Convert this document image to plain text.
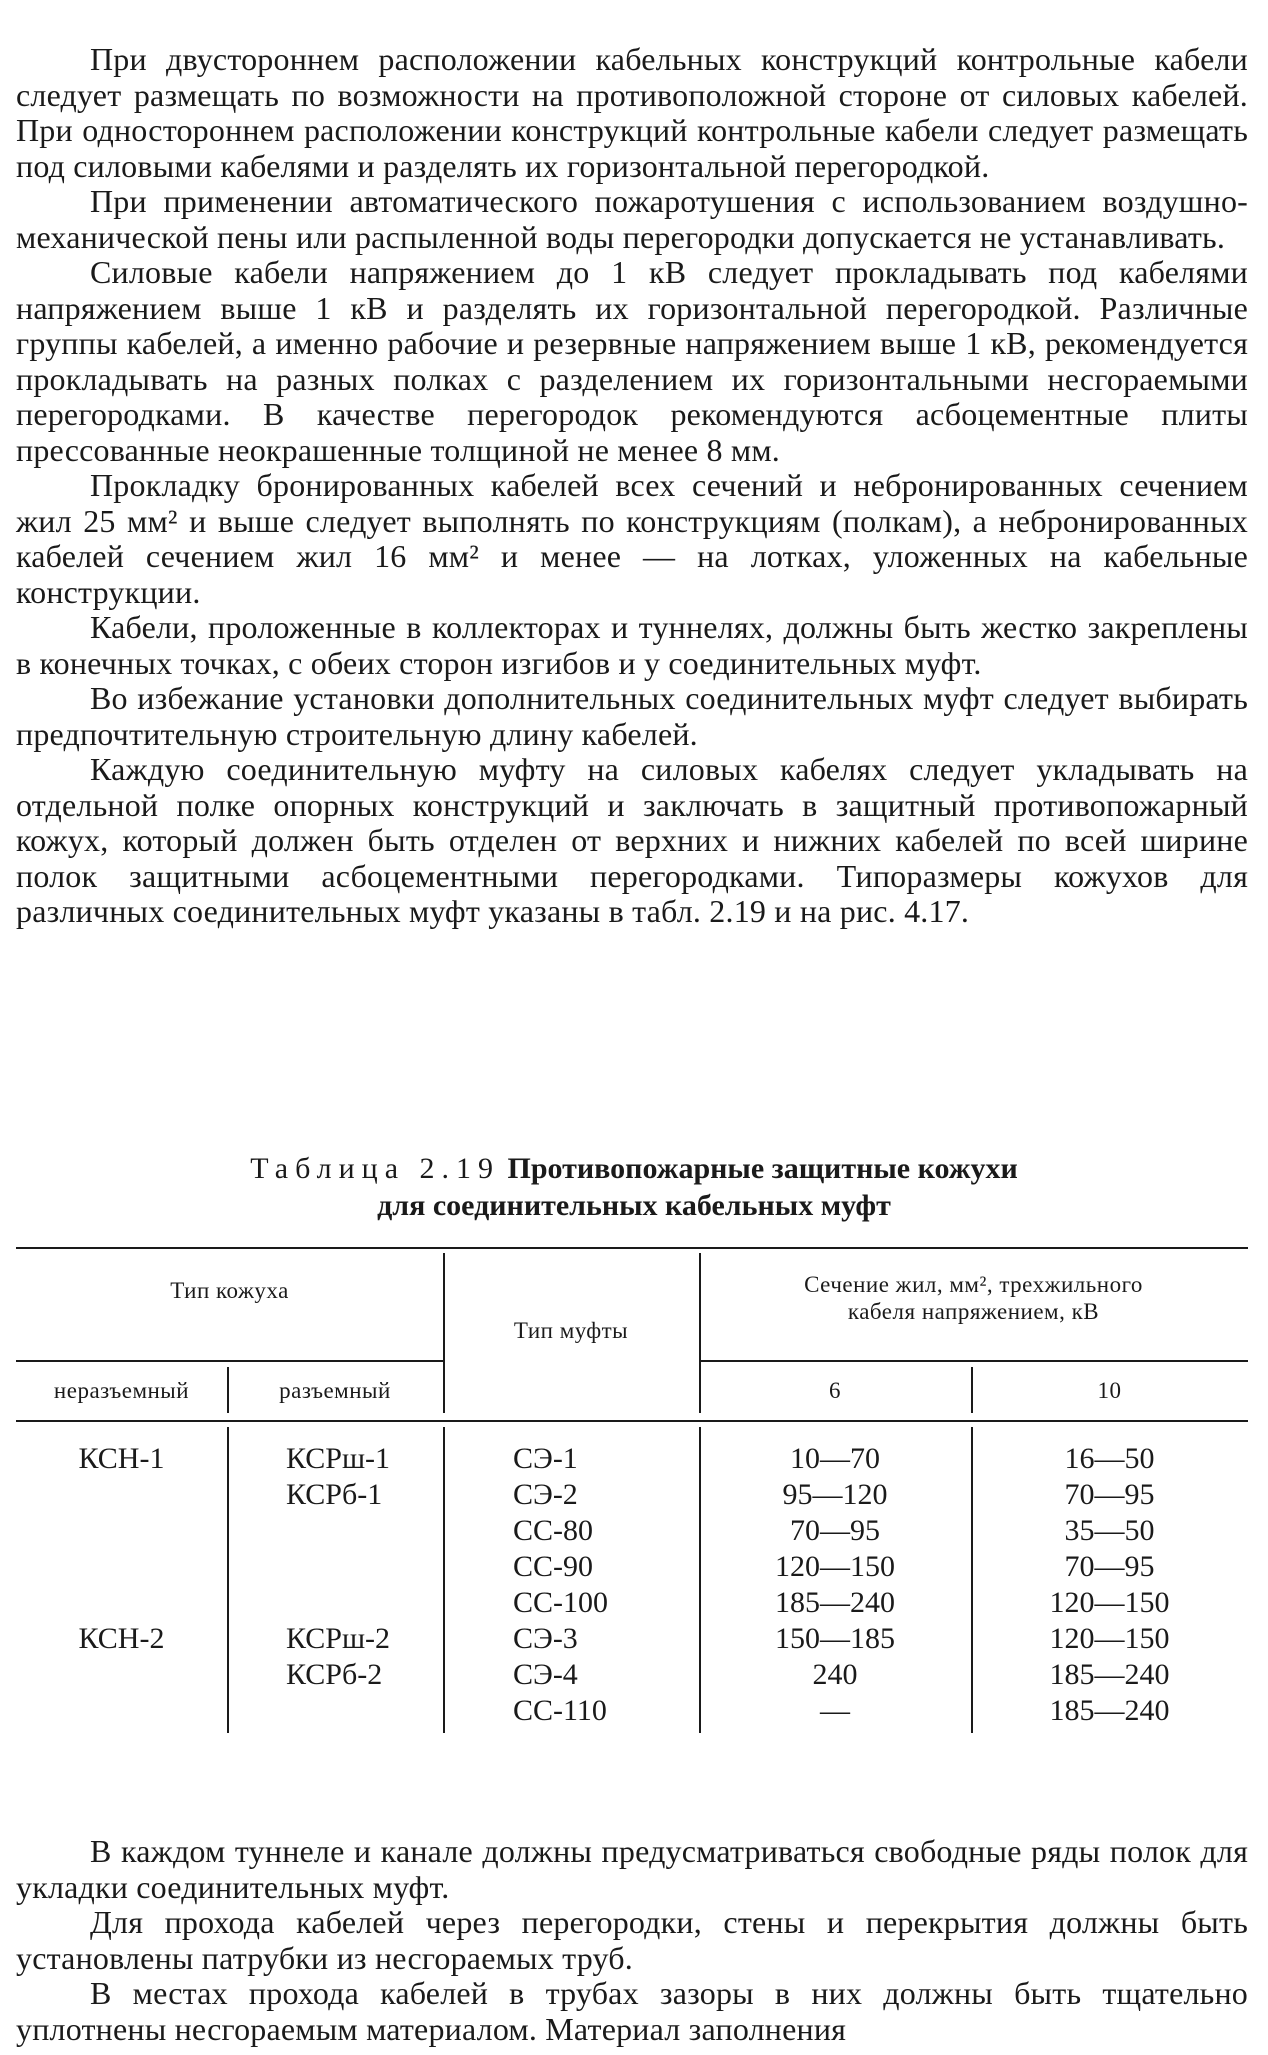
При двустороннем расположении кабельных конструкций контрольные кабели следует размещать по возможности на противоположной стороне от силовых кабелей. При одностороннем расположении конструкций контрольные кабели следует размещать под силовыми кабелями и разделять их горизонтальной перегородкой.

При применении автоматического пожаротушения с использованием воздушно-механической пены или распыленной воды перегородки допускается не устанавливать.

Силовые кабели напряжением до 1 кВ следует прокладывать под кабелями напряжением выше 1 кВ и разделять их горизонтальной перегородкой. Различные группы кабелей, а именно рабочие и резервные напряжением выше 1 кВ, рекомендуется прокладывать на разных полках с разделением их горизонтальными несгораемыми перегородками. В качестве перегородок рекомендуются асбоцементные плиты прессованные неокрашенные толщиной не менее 8 мм.

Прокладку бронированных кабелей всех сечений и небронированных сечением жил 25 мм² и выше следует выполнять по конструкциям (полкам), а небронированных кабелей сечением жил 16 мм² и менее — на лотках, уложенных на кабельные конструкции.

Кабели, проложенные в коллекторах и туннелях, должны быть жестко закреплены в конечных точках, с обеих сторон изгибов и у соединительных муфт.

Во избежание установки дополнительных соединительных муфт следует выбирать предпочтительную строительную длину кабелей.

Каждую соединительную муфту на силовых кабелях следует укладывать на отдельной полке опорных конструкций и заключать в защитный противопожарный кожух, который должен быть отделен от верхних и нижних кабелей по всей ширине полок защитными асбоцементными перегородками. Типоразмеры кожухов для различных соединительных муфт указаны в табл. 2.19 и на рис. 4.17.

Таблица 2.19 Противопожарные защитные кожухи
для соединительных кабельных муфт
Тип кожуха
неразъемный	разъемный
Тип муфты
Сечение жил, мм², трехжильного
кабеля напряжением, кВ
6	10
КСН-1

КСН-2

КСРш-1
КСРб-1

КСРш-2
КСРб-2

СЭ-1
СЭ-2
СС-80
СС-90
СС-100
СЭ-3
СЭ-4
СС-110
10—70
95—120
70—95
120—150
185—240
150—185
240
—
16—50
70—95
35—50
70—95
120—150
120—150
185—240
185—240

В каждом туннеле и канале должны предусматриваться свободные ряды полок для укладки соединительных муфт.

Для прохода кабелей через перегородки, стены и перекрытия должны быть установлены патрубки из несгораемых труб.

В местах прохода кабелей в трубах зазоры в них должны быть тщательно уплотнены несгораемым материалом. Материал заполнения
